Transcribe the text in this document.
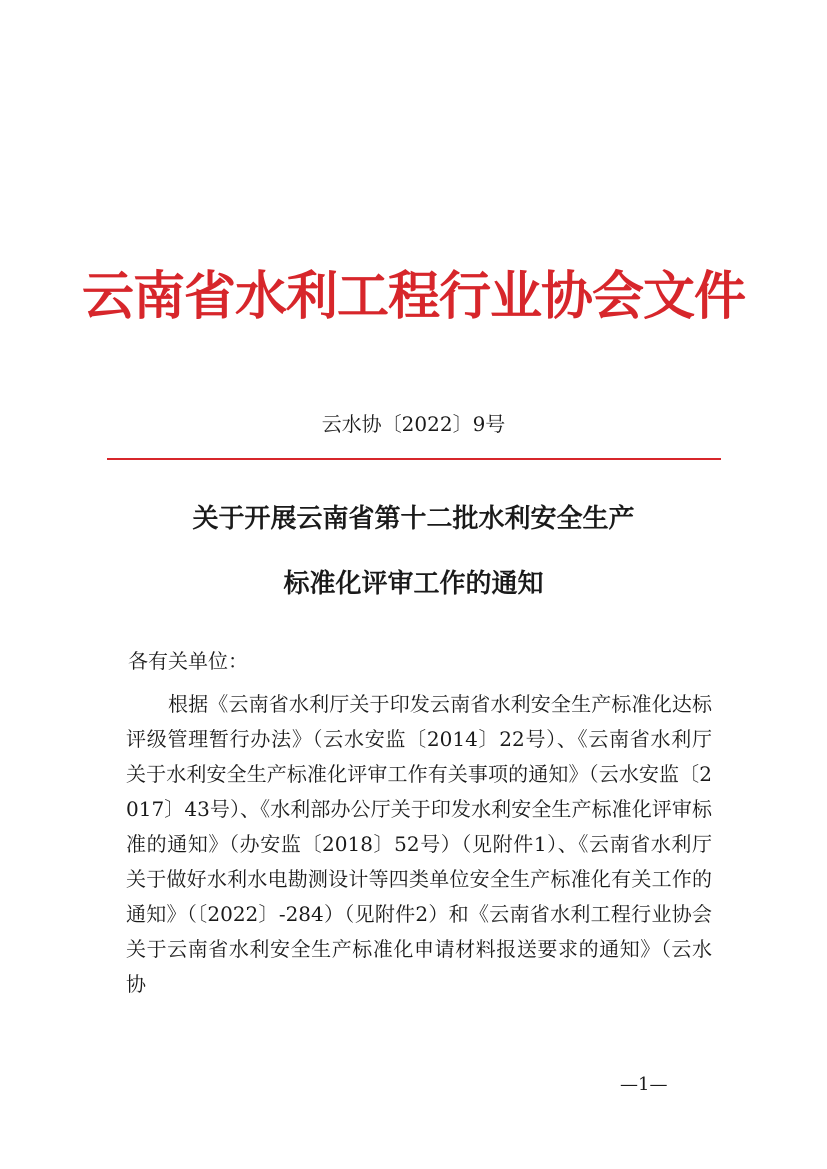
云南省水利工程行业协会文件
云水协〔2022〕9号
关于开展云南省第十二批水利安全生产
标准化评审工作的通知
各有关单位：

根据《云南省水利厅关于印发云南省水利安全生产标准化达标评级管理暂行办法》（云水安监〔2014〕22号）、《云南省水利厅关于水利安全生产标准化评审工作有关事项的通知》（云水安监〔2017〕43号）、《水利部办公厅关于印发水利安全生产标准化评审标准的通知》（办安监〔2018〕52号）（见附件1）、《云南省水利厅关于做好水利水电勘测设计等四类单位安全生产标准化有关工作的通知》（〔2022〕-284）（见附件2）和《云南省水利工程行业协会关于云南省水利安全生产标准化申请材料报送要求的通知》（云水协

—1—
